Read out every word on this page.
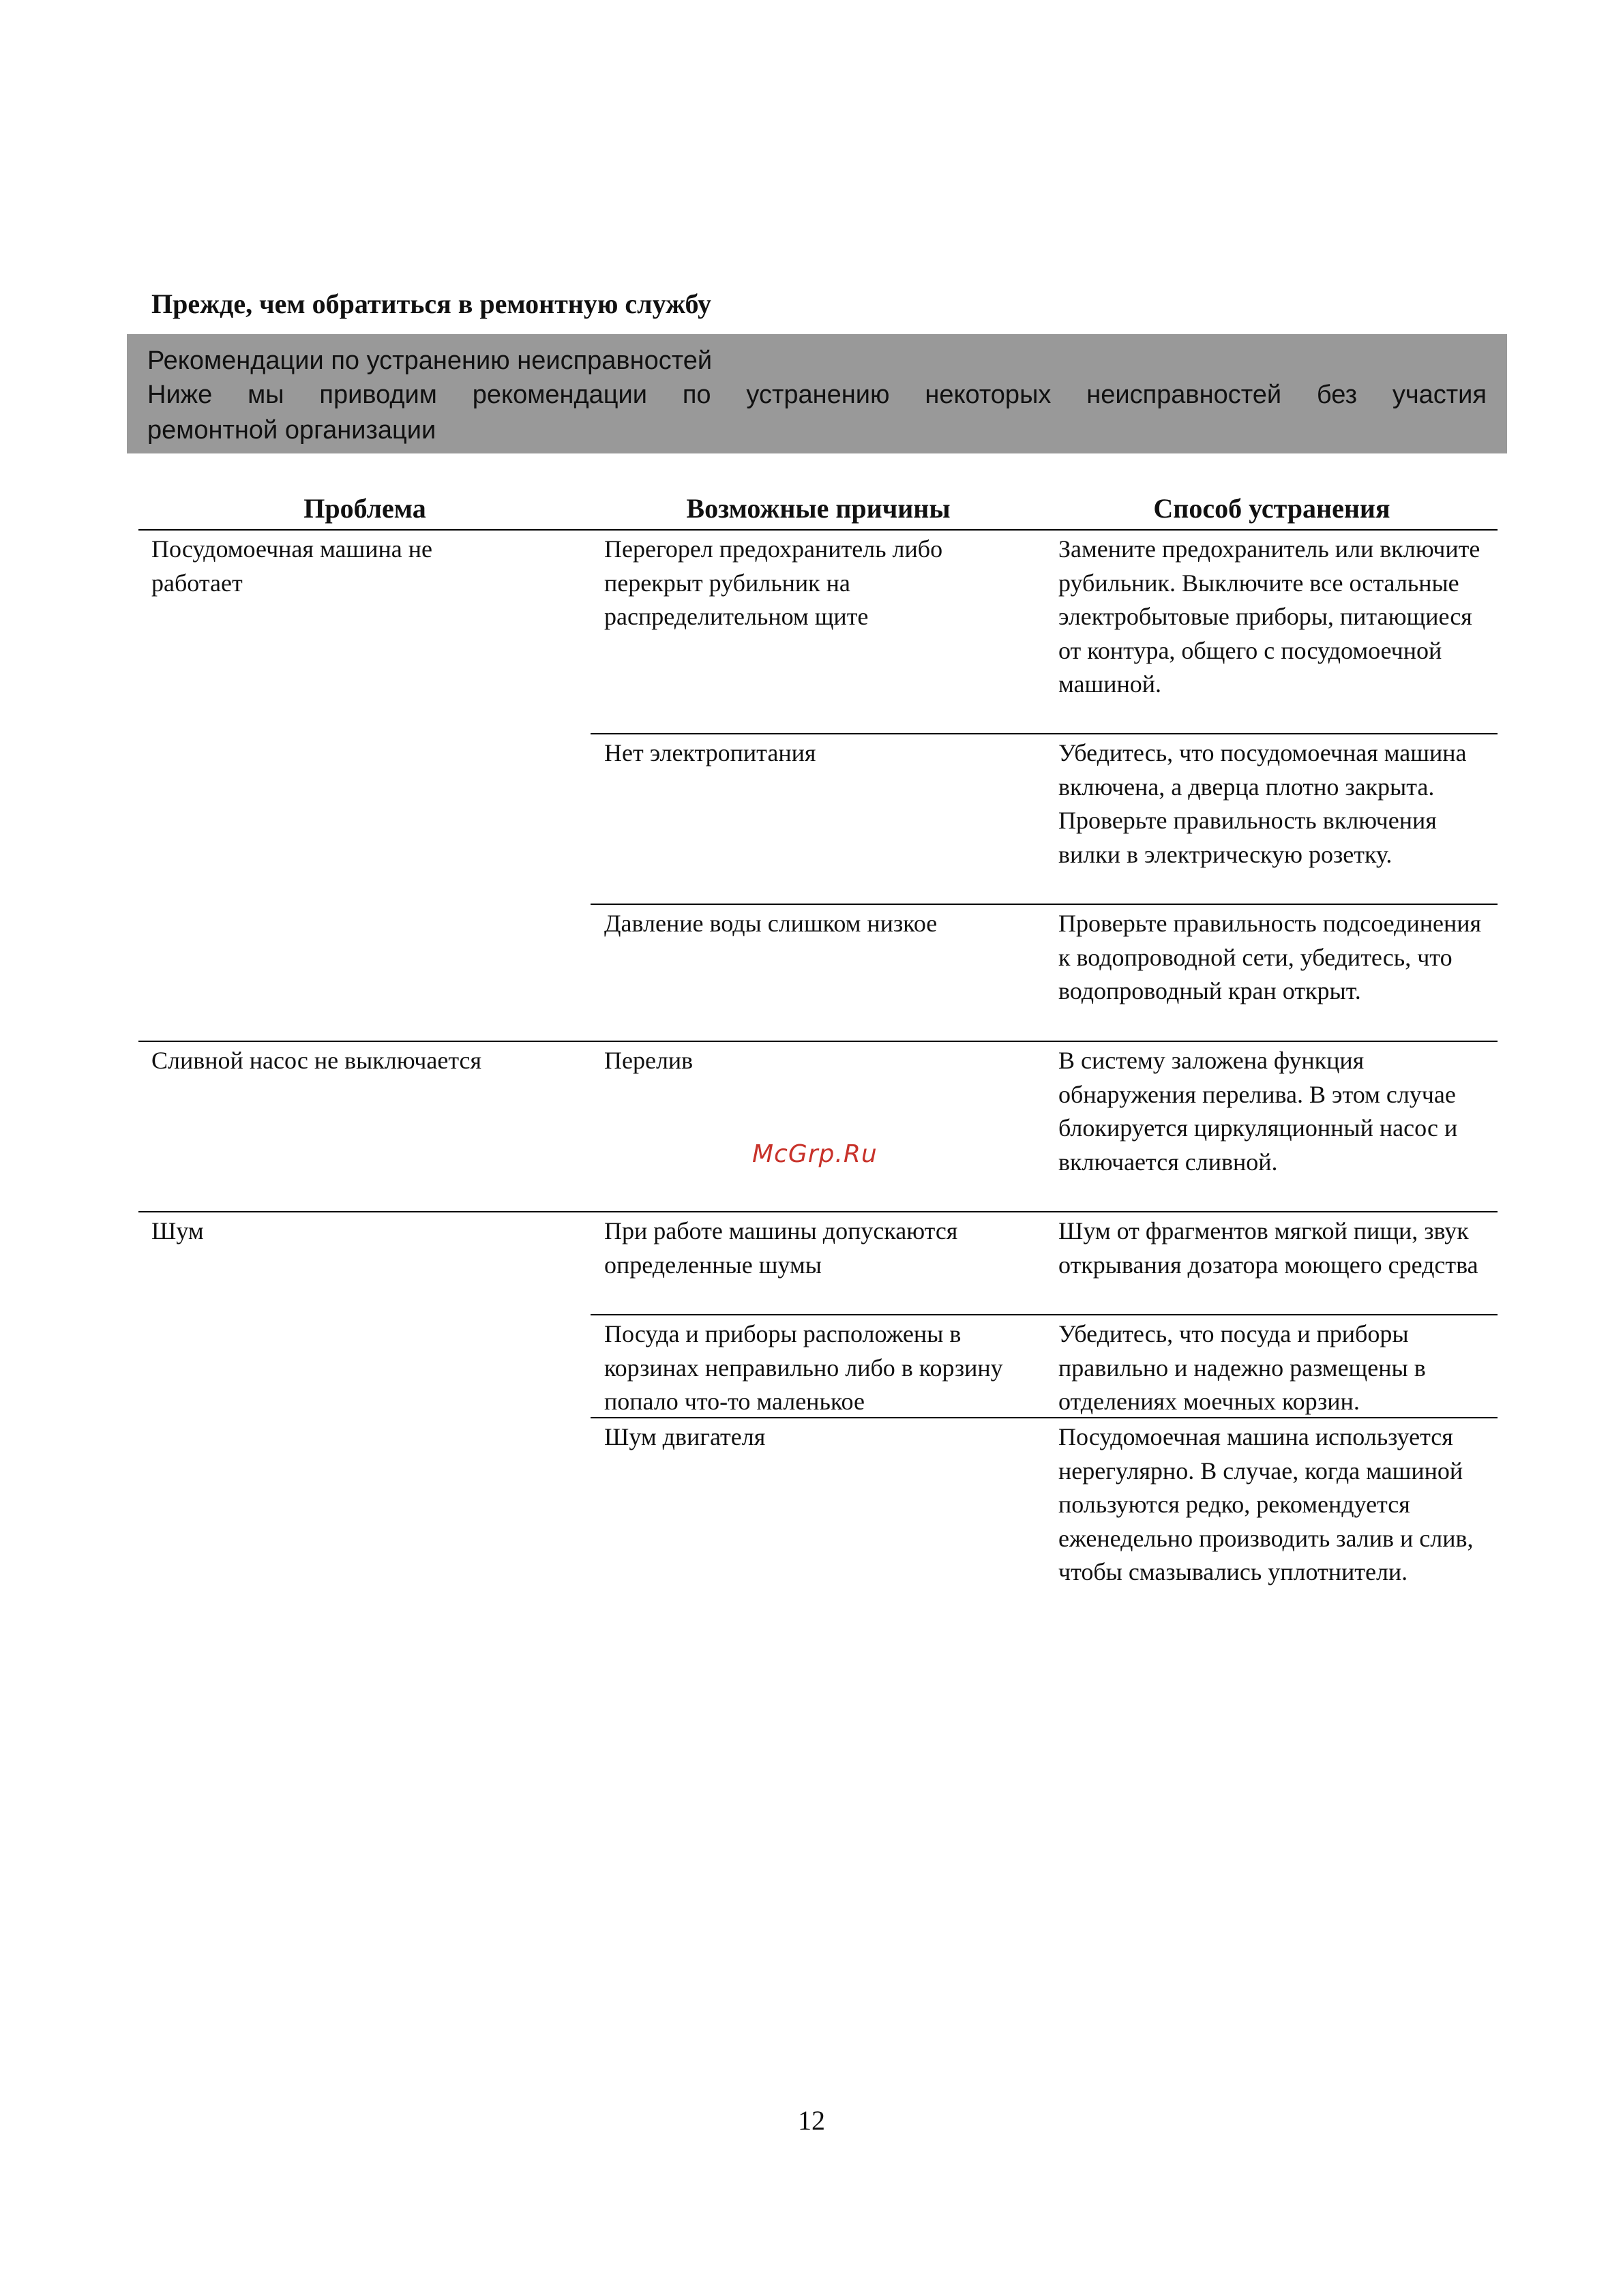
Прежде, чем обратиться в ремонтную службу
Рекомендации по устранению неисправностей
Ниже мы приводим рекомендации по устранению некоторых неисправностей без участия
ремонтной организации
Проблема	Возможные причины	Способ устранения
Посудомоечная машина не работает
Сливной насос не выключается
Шум
Перегорел предохранитель либо перекрыт рубильник на распределительном щите
Нет электропитания
Давление воды слишком низкое
Перелив
При работе машины допускаются определенные шумы
Посуда и приборы расположены в корзинах неправильно либо в корзину попало что-то маленькое
Шум двигателя
Замените предохранитель или включите рубильник. Выключите все остальные электробытовые приборы, питающиеся от контура, общего с посудомоечной машиной.
Убедитесь, что посудомоечная машина включена, а дверца плотно закрыта. Проверьте правильность включения вилки в электрическую розетку.
Проверьте правильность подсоединения к водопроводной сети, убедитесь, что водопроводный кран открыт.
В систему заложена функция обнаружения перелива. В этом случае блокируется циркуляционный насос и включается сливной.
Шум от фрагментов мягкой пищи, звук открывания дозатора моющего средства
Убедитесь, что посуда и приборы правильно и надежно размещены в отделениях моечных корзин.
Посудомоечная машина используется нерегулярно. В случае, когда машиной пользуются редко, рекомендуется еженедельно производить залив и слив, чтобы смазывались уплотнители.
McGrp.Ru
12
